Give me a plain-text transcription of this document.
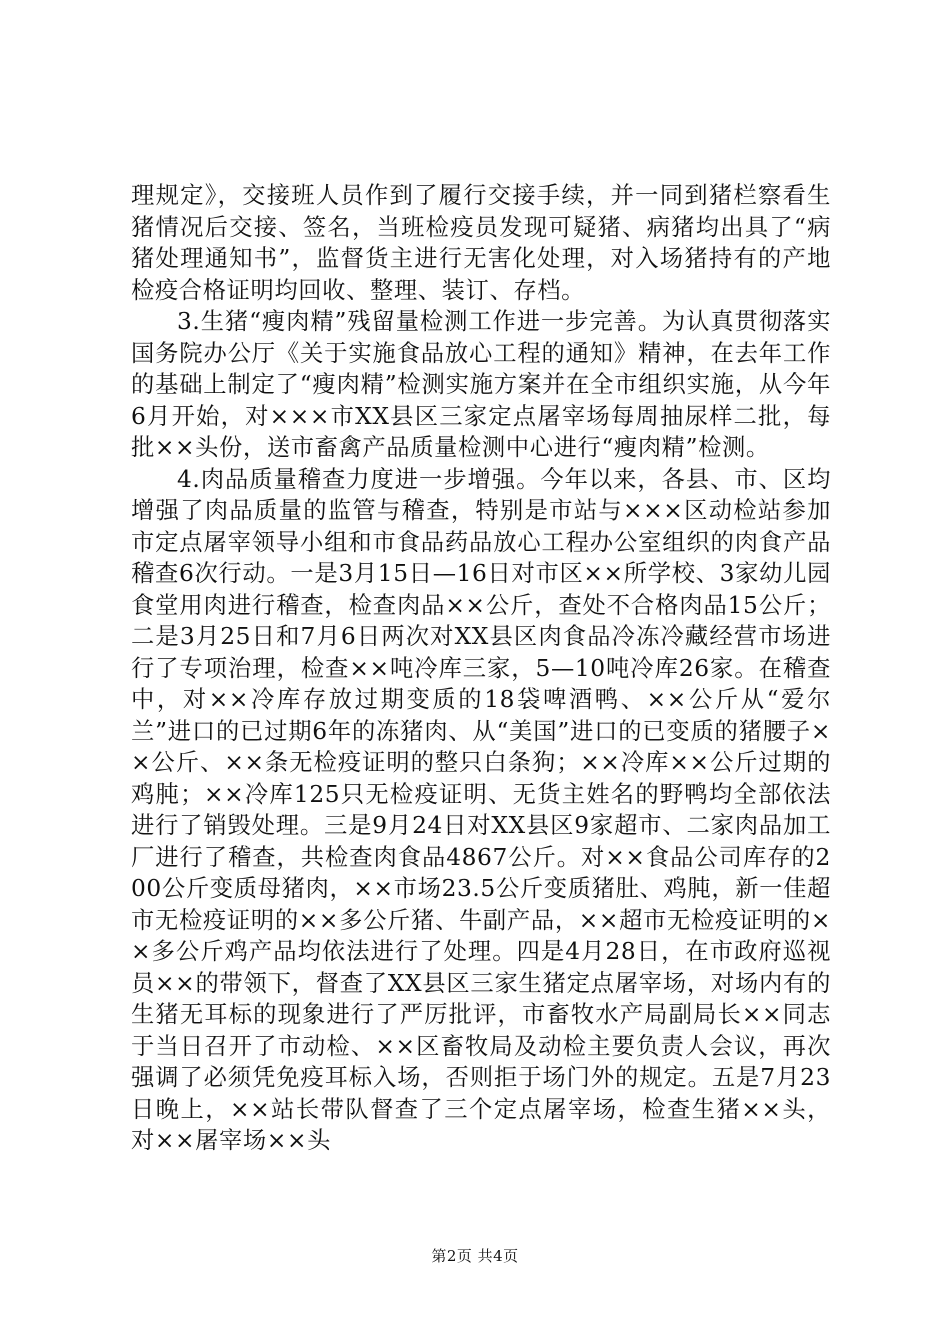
理规定》，交接班人员作到了履行交接手续，并一同到猪栏察看生猪情况后交接、签名，当班检疫员发现可疑猪、病猪均出具了“病猪处理通知书”，监督货主进行无害化处理，对入场猪持有的产地检疫合格证明均回收、整理、装订、存档。

3.生猪“瘦肉精”残留量检测工作进一步完善。为认真贯彻落实国务院办公厅《关于实施食品放心工程的通知》精神，在去年工作的基础上制定了“瘦肉精”检测实施方案并在全市组织实施，从今年6月开始，对×××市XX县区三家定点屠宰场每周抽尿样二批，每批××头份，送市畜禽产品质量检测中心进行“瘦肉精”检测。

4.肉品质量稽查力度进一步增强。今年以来，各县、市、区均增强了肉品质量的监管与稽查，特别是市站与×××区动检站参加市定点屠宰领导小组和市食品药品放心工程办公室组织的肉食产品稽查6次行动。一是3月15日—16日对市区××所学校、3家幼儿园食堂用肉进行稽查，检查肉品××公斤，查处不合格肉品15公斤；二是3月25日和7月6日两次对XX县区肉食品冷冻冷藏经营市场进行了专项治理，检查××吨冷库三家，5—10吨冷库26家。在稽查中，对××冷库存放过期变质的18袋啤酒鸭、××公斤从“爱尔兰”进口的已过期6年的冻猪肉、从“美国”进口的已变质的猪腰子××公斤、××条无检疫证明的整只白条狗；××冷库××公斤过期的鸡肫；××冷库125只无检疫证明、无货主姓名的野鸭均全部依法进行了销毁处理。三是9月24日对XX县区9家超市、二家肉品加工厂进行了稽查，共检查肉食品4867公斤。对××食品公司库存的200公斤变质母猪肉，××市场23.5公斤变质猪肚、鸡肫，新一佳超市无检疫证明的××多公斤猪、牛副产品，××超市无检疫证明的××多公斤鸡产品均依法进行了处理。四是4月28日，在市政府巡视员××的带领下，督查了XX县区三家生猪定点屠宰场，对场内有的生猪无耳标的现象进行了严厉批评，市畜牧水产局副局长××同志于当日召开了市动检、××区畜牧局及动检主要负责人会议，再次强调了必须凭免疫耳标入场，否则拒于场门外的规定。五是7月23日晚上，××站长带队督查了三个定点屠宰场，检查生猪××头，对××屠宰场××头

第2页 共4页
